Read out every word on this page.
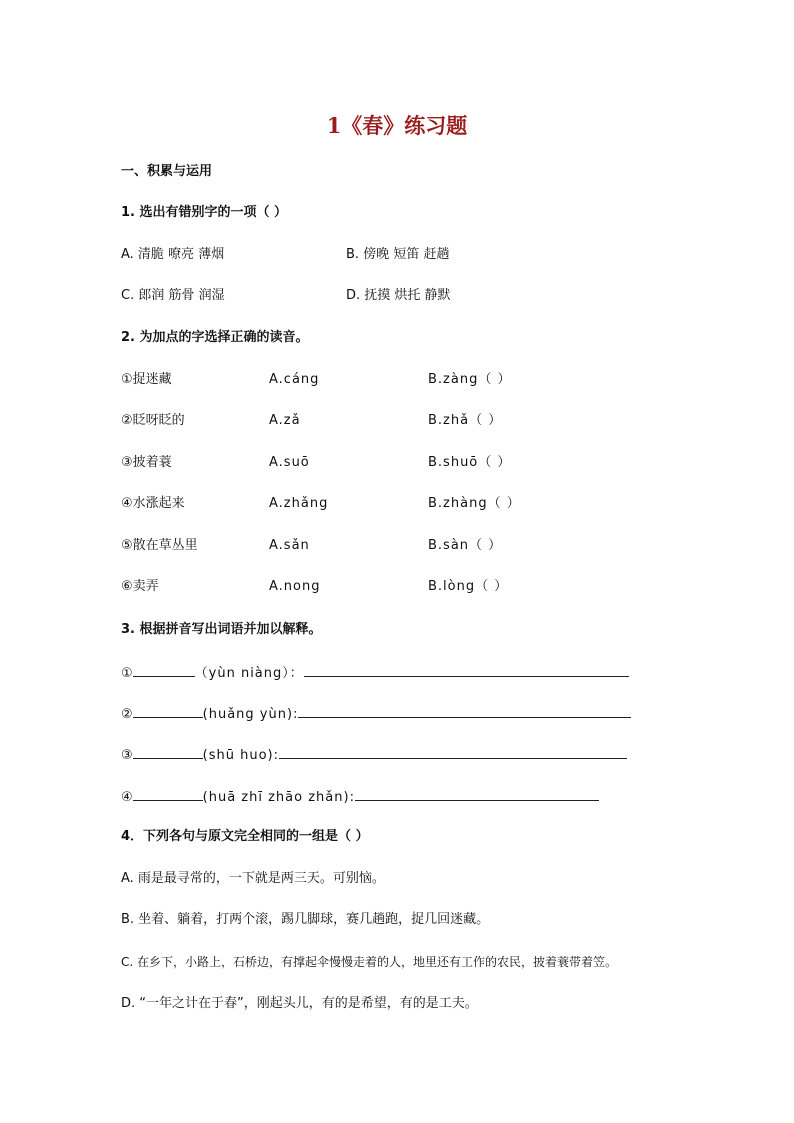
1《春》练习题
一、积累与运用
1. 选出有错别字的一项（ ）
A. 清脆 嘹亮 薄烟	B. 傍晚 短笛 赶趟
C. 郎润 筋骨 润湿	D. 抚摸 烘托 静默
2. 为加点的字选择正确的读音。
①捉迷藏	A.cáng	B.zàng（ ）
②眨呀眨的	A.zǎ	B.zhǎ（ ）
③披着蓑	A.suō	B.shuō（ ）
④水涨起来	A.zhǎng	B.zhàng（ ）
⑤散在草丛里	A.sǎn	B.sàn（ ）
⑥卖弄	A.nong	B.lòng（ ）
3. 根据拼音写出词语并加以解释。
①	（yùn niàng）：
②	(huǎng yùn):
③	(shū huo):
④	(huā zhī zhāo zhǎn):
4．下列各句与原文完全相同的一组是（ ）
A. 雨是最寻常的，一下就是两三天。可别恼。
B. 坐着、躺着，打两个滚，踢几脚球，赛几趟跑，捉几回迷藏。
C. 在乡下，小路上，石桥边，有撑起伞慢慢走着的人，地里还有工作的农民，披着蓑带着笠。
D. “一年之计在于春”，刚起头儿，有的是希望，有的是工夫。
